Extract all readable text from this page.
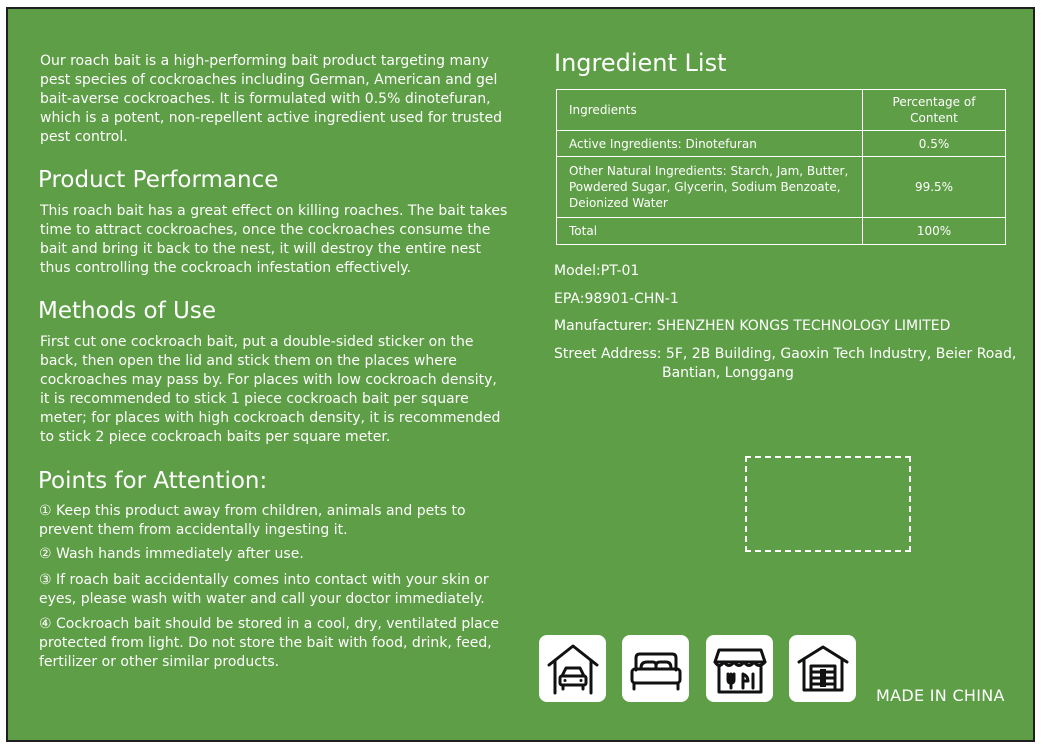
Our roach bait is a high-performing bait product targeting many pest species of cockroaches including German, American and gel bait-averse cockroaches. It is formulated with 0.5% dinotefuran, which is a potent, non-repellent active ingredient used for trusted pest control.
Product Performance
This roach bait has a great effect on killing roaches. The bait takes time to attract cockroaches, once the cockroaches consume the bait and bring it back to the nest, it will destroy the entire nest thus controlling the cockroach infestation effectively.
Methods of Use
First cut one cockroach bait, put a double-sided sticker on the back, then open the lid and stick them on the places where cockroaches may pass by. For places with low cockroach density, it is recommended to stick 1 piece cockroach bait per square meter; for places with high cockroach density, it is recommended to stick 2 piece cockroach baits per square meter.
Points for Attention:
① Keep this product away from children, animals and pets to prevent them from accidentally ingesting it.
② Wash hands immediately after use.
③ If roach bait accidentally comes into contact with your skin or eyes, please wash with water and call your doctor immediately.
④ Cockroach bait should be stored in a cool, dry, ventilated place protected from light. Do not store the bait with food, drink, feed, fertilizer or other similar products.
Ingredient List
Ingredients	Percentage of Content
Active Ingredients: Dinotefuran	0.5%
Other Natural Ingredients: Starch, Jam, Butter, Powdered Sugar, Glycerin, Sodium Benzoate, Deionized Water	99.5%
Total	100%
Model:PT-01
EPA:98901-CHN-1
Manufacturer: SHENZHEN KONGS TECHNOLOGY LIMITED
Street Address: 5F, 2B Building, Gaoxin Tech Industry, Beier Road,
Bantian, Longgang
MADE IN CHINA
